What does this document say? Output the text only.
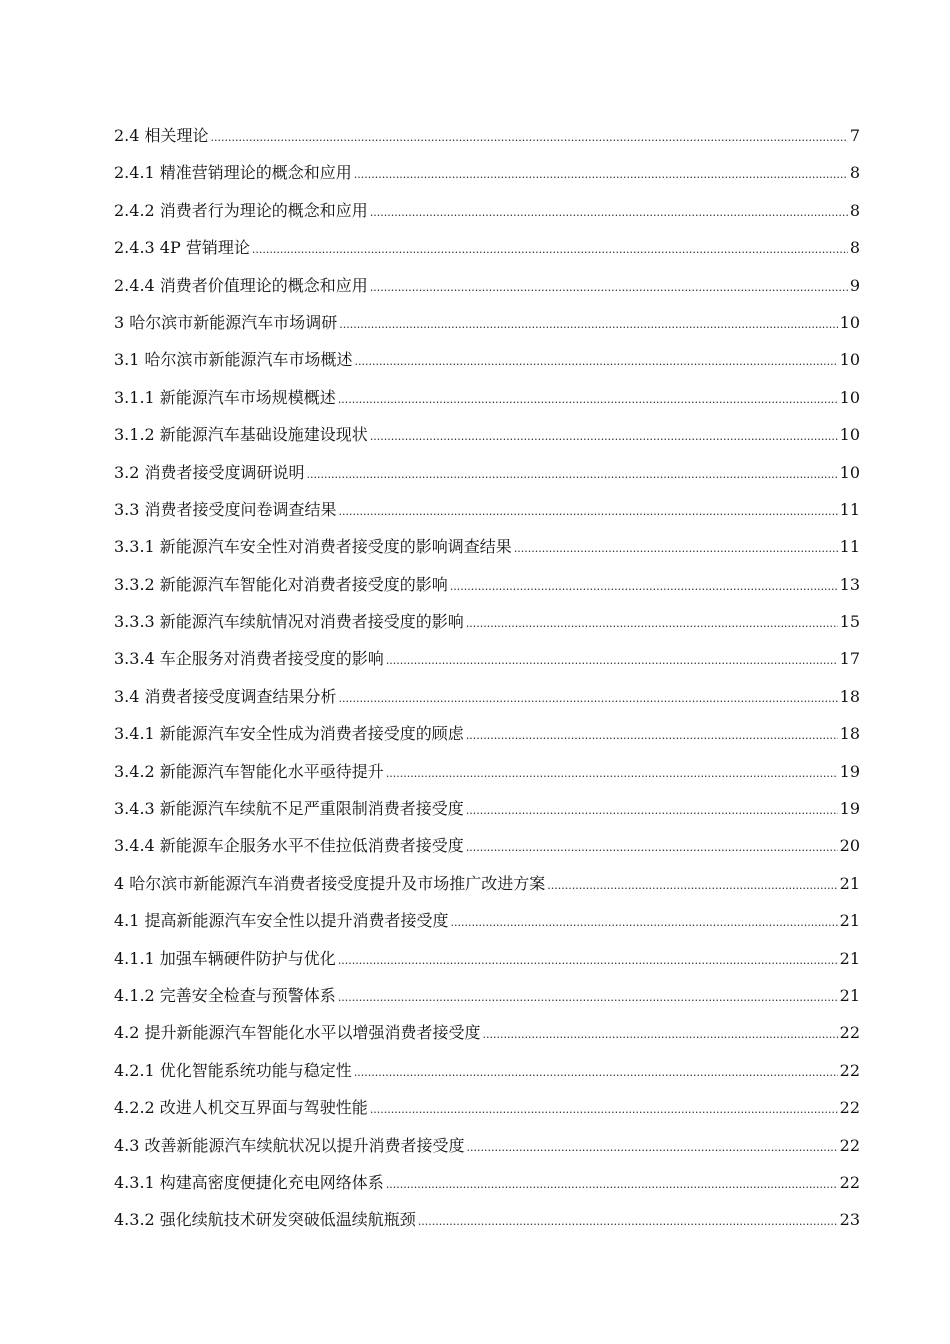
2.4 相关理论 .....	7
2.4.1 精准营销理论的概念和应用 .....	8
2.4.2 消费者行为理论的概念和应用 .....	8
2.4.3 4P 营销理论 .....	8
2.4.4 消费者价值理论的概念和应用 .....	9
3 哈尔滨市新能源汽车市场调研 .....	10
3.1 哈尔滨市新能源汽车市场概述 .....	10
3.1.1 新能源汽车市场规模概述 .....	10
3.1.2 新能源汽车基础设施建设现状 .....	10
3.2 消费者接受度调研说明 .....	10
3.3 消费者接受度问卷调查结果 .....	11
3.3.1 新能源汽车安全性对消费者接受度的影响调查结果 .....	11
3.3.2 新能源汽车智能化对消费者接受度的影响 .....	13
3.3.3 新能源汽车续航情况对消费者接受度的影响 .....	15
3.3.4 车企服务对消费者接受度的影响 .....	17
3.4 消费者接受度调查结果分析 .....	18
3.4.1 新能源汽车安全性成为消费者接受度的顾虑 .....	18
3.4.2 新能源汽车智能化水平亟待提升 .....	19
3.4.3 新能源汽车续航不足严重限制消费者接受度 .....	19
3.4.4 新能源车企服务水平不佳拉低消费者接受度 .....	20
4 哈尔滨市新能源汽车消费者接受度提升及市场推广改进方案 .....	21
4.1 提高新能源汽车安全性以提升消费者接受度 .....	21
4.1.1 加强车辆硬件防护与优化 .....	21
4.1.2 完善安全检查与预警体系 .....	21
4.2 提升新能源汽车智能化水平以增强消费者接受度 .....	22
4.2.1 优化智能系统功能与稳定性 .....	22
4.2.2 改进人机交互界面与驾驶性能 .....	22
4.3 改善新能源汽车续航状况以提升消费者接受度 .....	22
4.3.1 构建高密度便捷化充电网络体系 .....	22
4.3.2 强化续航技术研发突破低温续航瓶颈 .....	23
